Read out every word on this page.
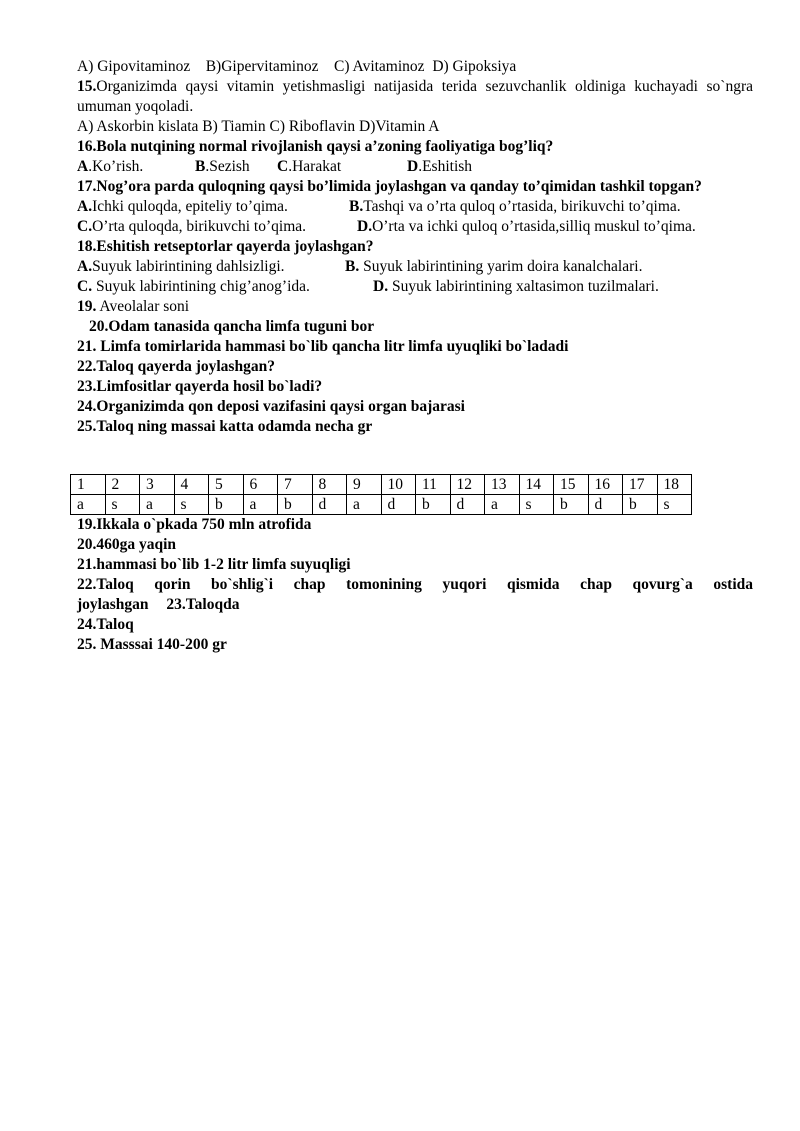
A) Gipovitaminoz B)Gipervitaminoz C) Avitaminoz D) Gipoksiya
15.Organizimda qaysi vitamin yetishmasligi natijasida terida sezuvchanlik oldiniga kuchayadi so`ngra umuman yoqoladi.
A) Askorbin kislata B) Tiamin C) Riboflavin D)Vitamin A
16.Bola nutqining normal rivojlanish qaysi a’zoning faoliyatiga bog’liq?
A.Ko’rish.	B.Sezish C.Harakat	D.Eshitish
17.Nog’ora parda quloqning qaysi bo’limida joylashgan va qanday to’qimidan tashkil topgan?
A.Ichki quloqda, epiteliy to’qima.	B.Tashqi va o’rta quloq o’rtasida, birikuvchi to’qima.
C.O’rta quloqda, birikuvchi to’qima.	D.O’rta va ichki quloq o’rtasida,silliq muskul to’qima.
18.Eshitish retseptorlar qayerda joylashgan?
A.Suyuk labirintining dahlsizligi.	B. Suyuk labirintining yarim doira kanalchalari.
C. Suyuk labirintining chig’anog’ida.	D. Suyuk labirintining xaltasimon tuzilmalari.
19. Aveolalar soni
20.Odam tanasida qancha limfa tuguni bor
21. Limfa tomirlarida hammasi bo`lib qancha litr limfa uyuqliki bo`ladadi
22.Taloq qayerda joylashgan?
23.Limfositlar qayerda hosil bo`ladi?
24.Organizimda qon deposi vazifasini qaysi organ bajarasi
25.Taloq ning massai katta odamda necha gr
1	2	3	4	5	6	7	8	9	10	11	12	13	14	15	16	17	18
a	s	a	s	b	a	b	d	a	d	b	d	a	s	b	d	b	s
19.Ikkala o`pkada 750 mln atrofida
20.460ga yaqin
21.hammasi bo`lib 1-2 litr limfa suyuqligi
22.Taloq qorin bo`shlig`i chap tomonining yuqori qismida chap qovurg`a ostida joylashgan 23.Taloqda
24.Taloq
25. Masssai 140-200 gr
